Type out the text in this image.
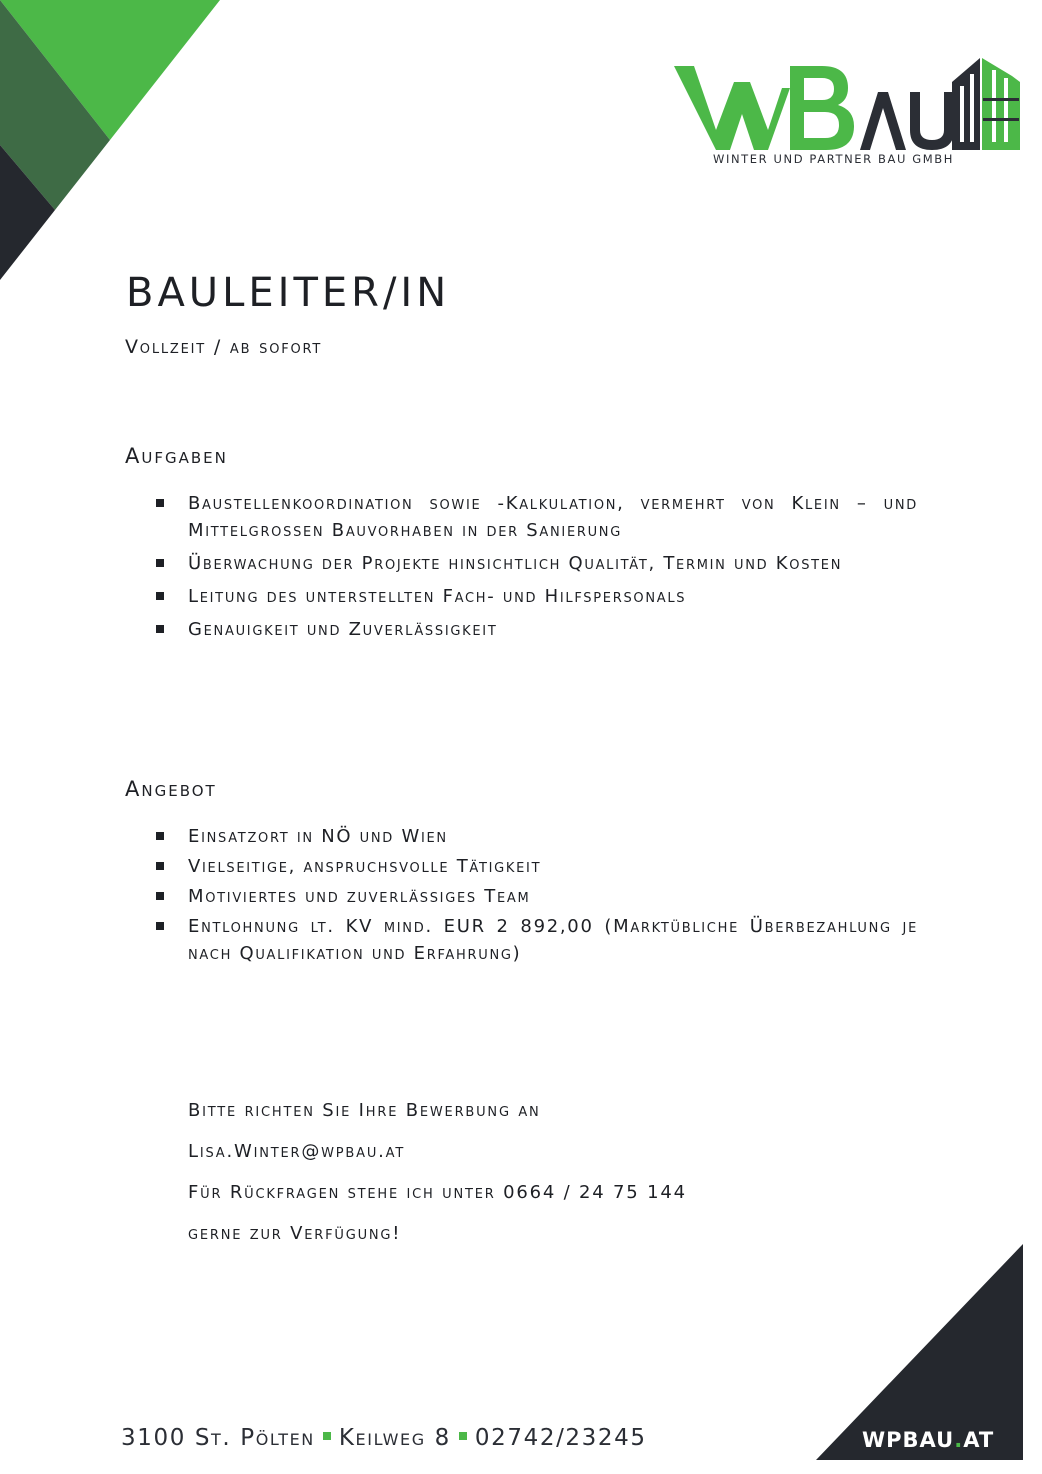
WINTER UND PARTNER BAU GMBH
BAULEITER/IN
Vollzeit / ab sofort
Aufgaben
Baustellenkoordination sowie -Kalkulation, vermehrt von Klein – und Mittelgrossen Bauvorhaben in der Sanierung
Überwachung der Projekte hinsichtlich Qualität, Termin und Kosten
Leitung des unterstellten Fach- und Hilfspersonals
Genauigkeit und Zuverlässigkeit
Angebot
Einsatzort in NÖ und Wien
Vielseitige, anspruchsvolle Tätigkeit
Motiviertes und zuverlässiges Team
Entlohnung lt. KV mind. EUR 2 892,00 (Marktübliche Überbezahlung je nach Qualifikation und Erfahrung)

Bitte richten Sie Ihre Bewerbung an

Lisa.Winter@wpbau.at

Für Rückfragen stehe ich unter 0664 / 24 75 144

gerne zur Verfügung!

3100 St. Pölten Keilweg 8 02742/23245	WPBAU.AT
